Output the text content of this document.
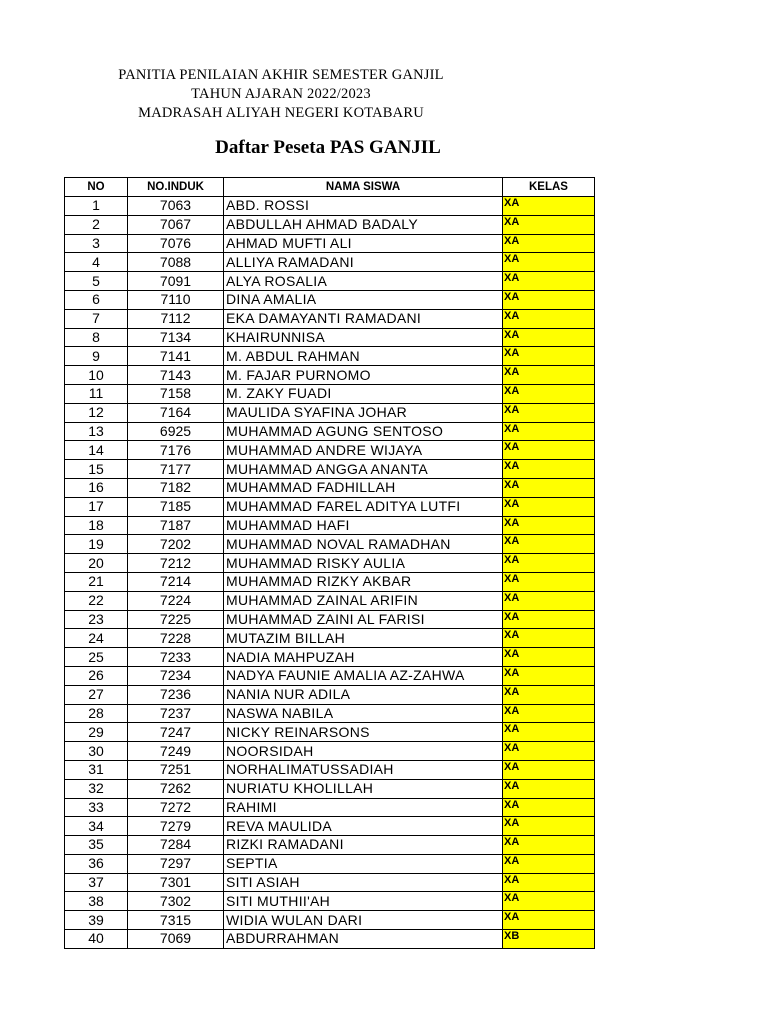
PANITIA PENILAIAN AKHIR SEMESTER GANJIL
TAHUN AJARAN 2022/2023
MADRASAH ALIYAH NEGERI KOTABARU
Daftar Peseta PAS GANJIL
NO	NO.INDUK	NAMA SISWA	KELAS
1	7063	ABD. ROSSI	XA
2	7067	ABDULLAH AHMAD BADALY	XA
3	7076	AHMAD MUFTI ALI	XA
4	7088	ALLIYA RAMADANI	XA
5	7091	ALYA ROSALIA	XA
6	7110	DINA AMALIA	XA
7	7112	EKA DAMAYANTI RAMADANI	XA
8	7134	KHAIRUNNISA	XA
9	7141	M. ABDUL RAHMAN	XA
10	7143	M. FAJAR PURNOMO	XA
11	7158	M. ZAKY FUADI	XA
12	7164	MAULIDA SYAFINA JOHAR	XA
13	6925	MUHAMMAD AGUNG SENTOSO	XA
14	7176	MUHAMMAD ANDRE WIJAYA	XA
15	7177	MUHAMMAD ANGGA ANANTA	XA
16	7182	MUHAMMAD FADHILLAH	XA
17	7185	MUHAMMAD FAREL ADITYA LUTFI	XA
18	7187	MUHAMMAD HAFI	XA
19	7202	MUHAMMAD NOVAL RAMADHAN	XA
20	7212	MUHAMMAD RISKY AULIA	XA
21	7214	MUHAMMAD RIZKY AKBAR	XA
22	7224	MUHAMMAD ZAINAL ARIFIN	XA
23	7225	MUHAMMAD ZAINI AL FARISI	XA
24	7228	MUTAZIM BILLAH	XA
25	7233	NADIA MAHPUZAH	XA
26	7234	NADYA FAUNIE AMALIA AZ-ZAHWA	XA
27	7236	NANIA NUR ADILA	XA
28	7237	NASWA NABILA	XA
29	7247	NICKY REINARSONS	XA
30	7249	NOORSIDAH	XA
31	7251	NORHALIMATUSSADIAH	XA
32	7262	NURIATU KHOLILLAH	XA
33	7272	RAHIMI	XA
34	7279	REVA MAULIDA	XA
35	7284	RIZKI RAMADANI	XA
36	7297	SEPTIA	XA
37	7301	SITI ASIAH	XA
38	7302	SITI MUTHII'AH	XA
39	7315	WIDIA WULAN DARI	XA
40	7069	ABDURRAHMAN	XB
